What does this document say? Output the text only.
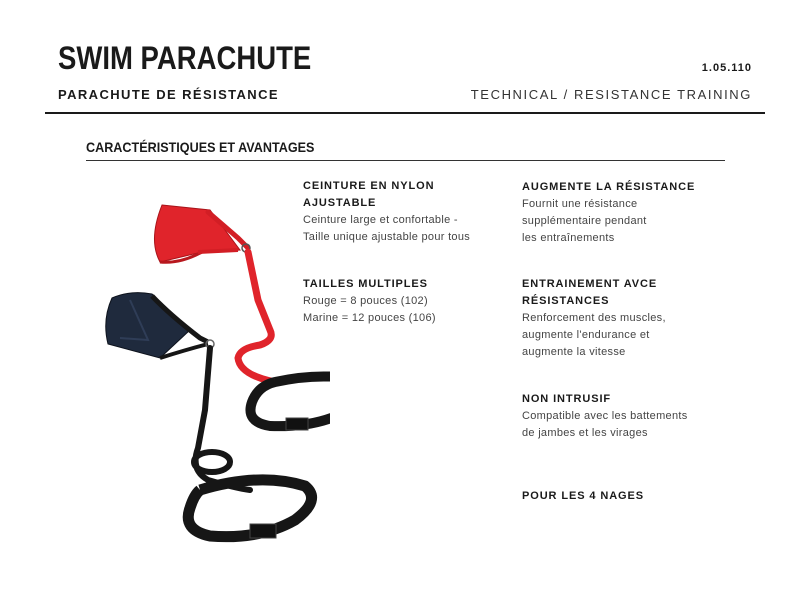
SWIM PARACHUTE
PARACHUTE DE RÉSISTANCE
1.05.110
TECHNICAL / RESISTANCE TRAINING
CARACTÉRISTIQUES ET AVANTAGES
CEINTURE EN NYLON
AJUSTABLE
Ceinture large et confortable -
Taille unique ajustable pour tous
TAILLES MULTIPLES
Rouge = 8 pouces (102)
Marine = 12 pouces (106)
AUGMENTE LA RÉSISTANCE
Fournit une résistance
supplémentaire pendant
les entraînements
ENTRAINEMENT AVCE
RÉSISTANCES
Renforcement des muscles,
augmente l'endurance et
augmente la vitesse
NON INTRUSIF
Compatible avec les battements
de jambes et les virages
POUR LES 4 NAGES
